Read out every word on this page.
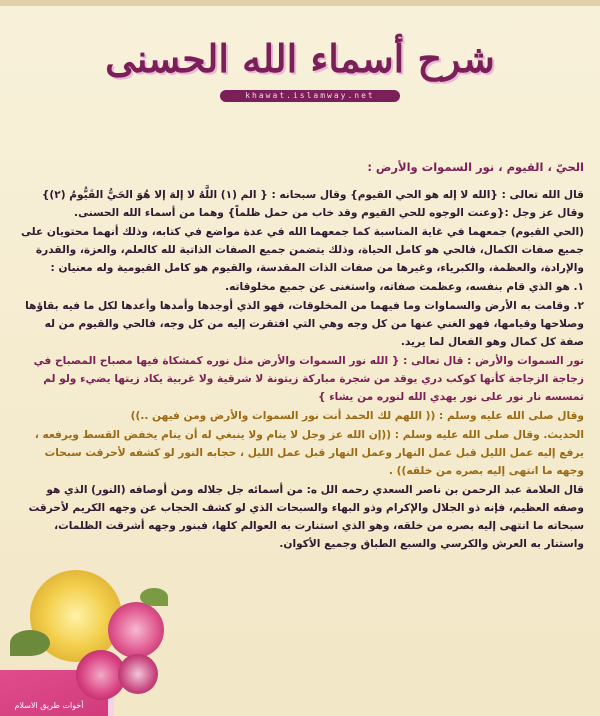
شرح أسماء الله الحسنى
khawat.islamway.net
أخوات طريق الاسلام
الحيّ ، القيوم ، نور السموات والأرض :

قال الله تعالى : {الله لا إله هو الحي القيوم} وقال سبحانه : { الم (١) اللَّهُ لا إلهَ إلا هُوَ الحَيُّ القَيُّومُ (٢)} وقال عز وجل :{وعنت الوجوه للحي القيوم وقد خاب من حمل ظلماً} وهما من أسماء الله الحسنى.

(الحي القيوم) جمعهما في غاية المناسبة كما جمعهما الله في عدة مواضع في كتابه، وذلك أنهما محتويان على جميع صفات الكمال، فالحي هو كامل الحياة، وذلك يتضمن جميع الصفات الذاتية لله كالعلم، والعزة، والقدرة والإرادة، والعظمة، والكبرياء، وغيرها من صفات الذات المقدسة، والقيوم هو كامل القيومية وله معنيان :

١. هو الذي قام بنفسه، وعظمت صفاته، واستغنى عن جميع مخلوقاته.

٢. وقامت به الأرض والسماوات وما فيهما من المخلوقات، فهو الذي أوجدها وأمدها وأعدها لكل ما فيه بقاؤها وصلاحها وقيامها، فهو الغني عنها من كل وجه وهي التي افتقرت إليه من كل وجه، فالحي والقيوم من له صفة كل كمال وهو الفعال لما يريد.

نور السموات والأرض : قال تعالى : { الله نور السموات والأرض مثل نوره كمشكاة فيها مصباح المصباح في زجاجة الزجاجة كأنها كوكب دري يوقد من شجرة مباركة زيتونة لا شرقية ولا غربية يكاد زيتها يضيء ولو لم تمسسه نار نور على نور يهدي الله لنوره من يشاء }

وقال صلى الله عليه وسلم : (( اللهم لك الحمد أنت نور السموات والأرض ومن فيهن ..))

الحديث. وقال صلى الله عليه وسلم : ((إن الله عز وجل لا ينام ولا ينبغي له أن ينام يخفض القسط ويرفعه ، يرفع إليه عمل الليل قبل عمل النهار وعمل النهار قبل عمل الليل ، حجابه النور لو كشفه لأحرقت سبحات وجهه ما انتهى إليه بصره من خلقه)) .

قال العلامة عبد الرحمن بن ناصر السعدي رحمه الل ه: من أسمائه جل جلاله ومن أوصافه (النور) الذي هو وصفه العظيم، فإنه ذو الجلال والإكرام وذو البهاء والسبحات الذي لو كشف الحجاب عن وجهه الكريم لأحرقت سبحاته ما انتهى إليه بصره من خلقه، وهو الذي استنارت به العوالم كلها، فبنور وجهه أشرقت الظلمات، واستنار به العرش والكرسي والسبع الطباق وجميع الأكوان.
